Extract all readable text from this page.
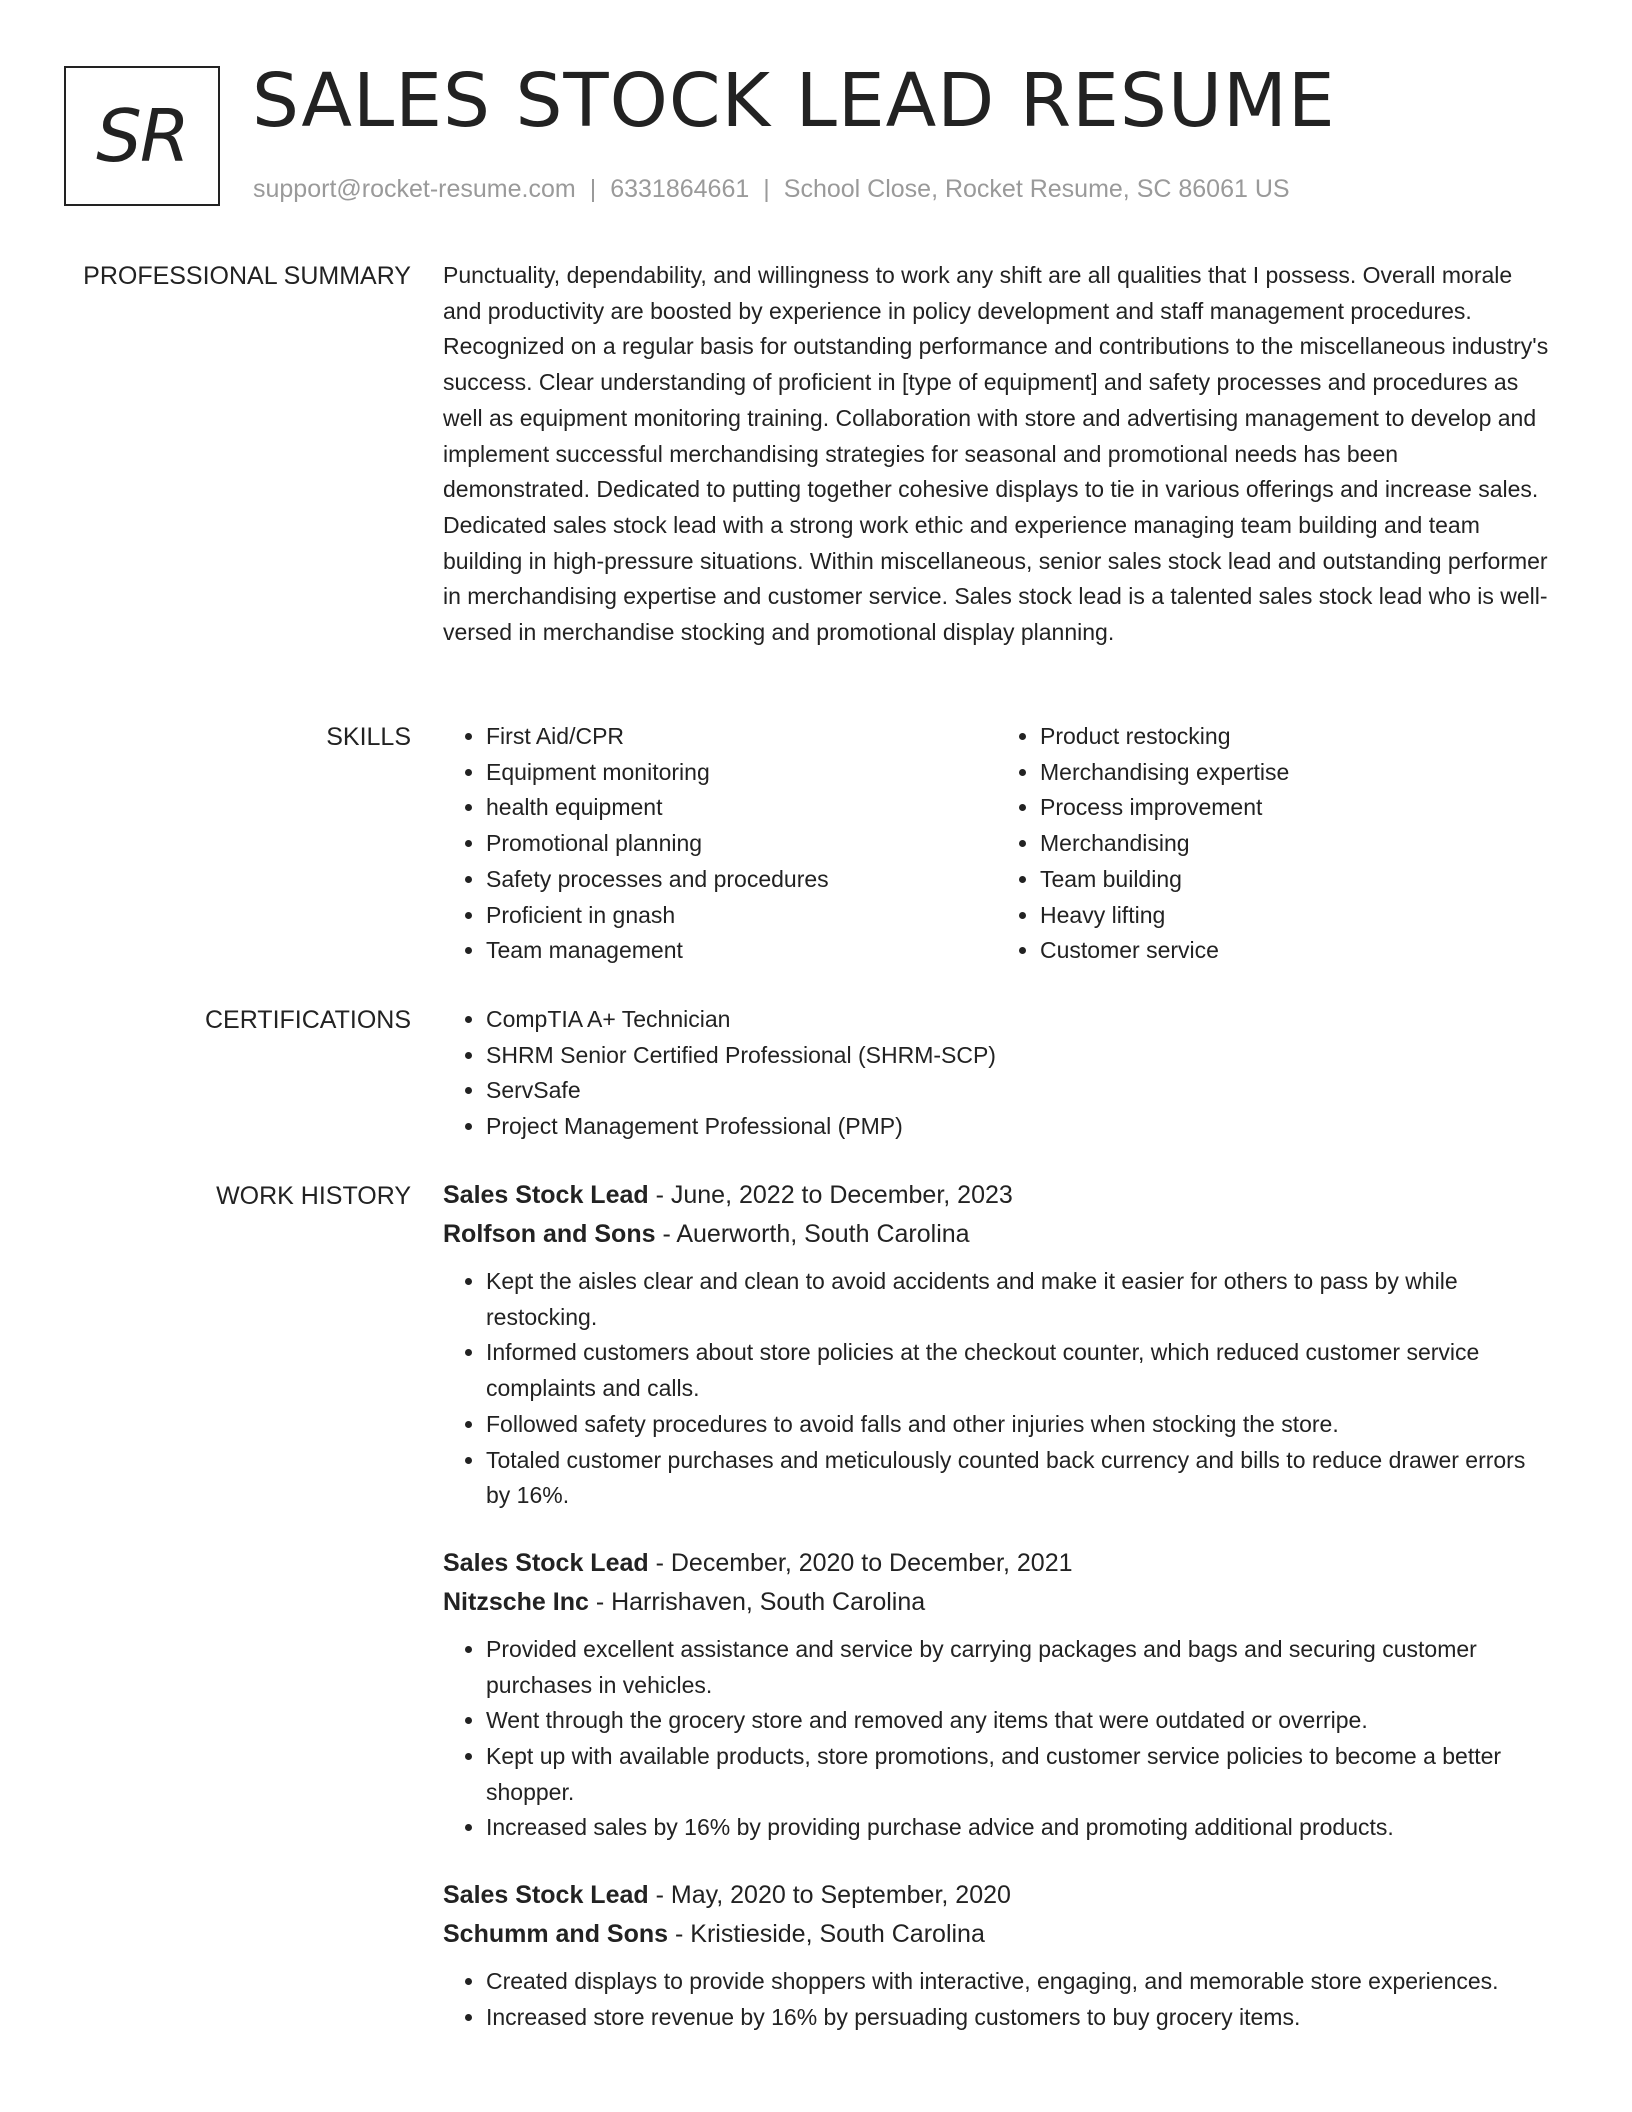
SR SALES STOCK LEAD RESUME
support@rocket-resume.com | 6331864661 | School Close, Rocket Resume, SC 86061 US
PROFESSIONAL SUMMARY Punctuality, dependability, and willingness to work any shift are all qualities that I possess. Overall morale and productivity are boosted by experience in policy development and staff management procedures. Recognized on a regular basis for outstanding performance and contributions to the miscellaneous industry's success. Clear understanding of proficient in [type of equipment] and safety processes and procedures as well as equipment monitoring training. Collaboration with store and advertising management to develop and implement successful merchandising strategies for seasonal and promotional needs has been demonstrated. Dedicated to putting together cohesive displays to tie in various offerings and increase sales. Dedicated sales stock lead with a strong work ethic and experience managing team building and team building in high-pressure situations. Within miscellaneous, senior sales stock lead and outstanding performer in merchandising expertise and customer service. Sales stock lead is a talented sales stock lead who is well-versed in merchandise stocking and promotional display planning.
SKILLS	• First Aid/CPR
• Equipment monitoring
• health equipment
• Promotional planning
• Safety processes and procedures
• Proficient in gnash
• Team management
• Product restocking
• Merchandising expertise
• Process improvement
• Merchandising
• Team building
• Heavy lifting
• Customer service
CERTIFICATIONS	• CompTIA A+ Technician
• SHRM Senior Certified Professional (SHRM-SCP)
• ServSafe
• Project Management Professional (PMP)
WORK HISTORY Sales Stock Lead - June, 2022 to December, 2023
Rolfson and Sons - Auerworth, South Carolina
• Kept the aisles clear and clean to avoid accidents and make it easier for others to pass by while restocking.
• Informed customers about store policies at the checkout counter, which reduced customer service complaints and calls.
• Followed safety procedures to avoid falls and other injuries when stocking the store.
• Totaled customer purchases and meticulously counted back currency and bills to reduce drawer errors by 16%.
Sales Stock Lead - December, 2020 to December, 2021
Nitzsche Inc - Harrishaven, South Carolina
• Provided excellent assistance and service by carrying packages and bags and securing customer purchases in vehicles.
• Went through the grocery store and removed any items that were outdated or overripe.
• Kept up with available products, store promotions, and customer service policies to become a better shopper.
• Increased sales by 16% by providing purchase advice and promoting additional products.
Sales Stock Lead - May, 2020 to September, 2020
Schumm and Sons - Kristieside, South Carolina
• Created displays to provide shoppers with interactive, engaging, and memorable store experiences.
• Increased store revenue by 16% by persuading customers to buy grocery items.
